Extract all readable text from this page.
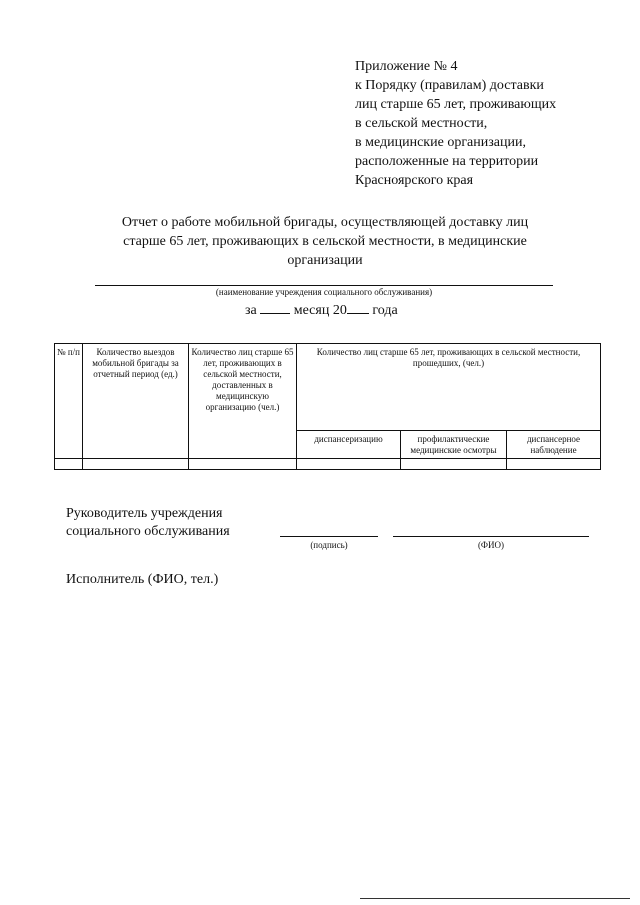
Приложение № 4
к Порядку (правилам) доставки
лиц старше 65 лет, проживающих
в сельской местности,
в медицинские организации,
расположенные на территории
Красноярского края
Отчет о работе мобильной бригады, осуществляющей доставку лиц
старше 65 лет, проживающих в сельской местности, в медицинские
организации
(наименование учреждения социального обслуживания)
за	месяц 20 года
№ п/п	Количество выездов мобильной бригады за отчетный период (ед.)	Количество лиц старше 65 лет, проживающих в сельской местности, доставленных в медицинскую организацию (чел.)	Количество лиц старше 65 лет, проживающих в сельской местности, прошедших, (чел.)		
			диспансеризацию	профилактические медицинские осмотры	диспансерное наблюдение

Руководитель учреждения
социального обслуживания
(подпись)	(ФИО)
Исполнитель (ФИО, тел.)
